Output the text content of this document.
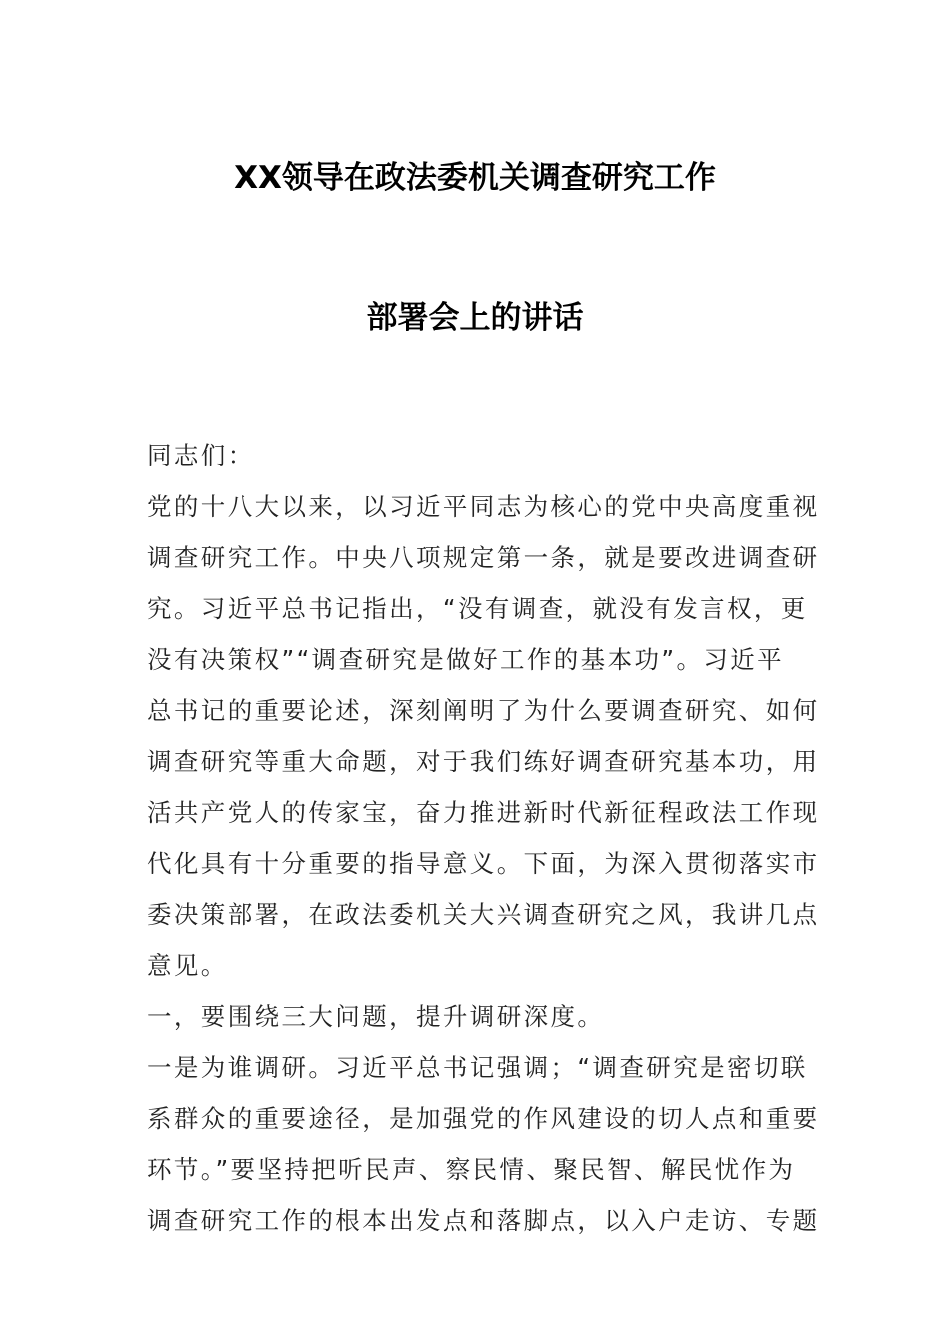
XX领导在政法委机关调查研究工作
部署会上的讲话

同志们：

党的十八大以来，以习近平同志为核心的党中央高度重视

调查研究工作。中央八项规定第一条，就是要改进调查研

究。习近平总书记指出，“没有调查，就没有发言权，更

没有决策权”“调查研究是做好工作的基本功”。习近平

总书记的重要论述，深刻阐明了为什么要调查研究、如何

调查研究等重大命题，对于我们练好调查研究基本功，用

活共产党人的传家宝，奋力推进新时代新征程政法工作现

代化具有十分重要的指导意义。下面，为深入贯彻落实市

委决策部署，在政法委机关大兴调查研究之风，我讲几点

意见。

一，要围绕三大问题，提升调研深度。

一是为谁调研。习近平总书记强调；“调查研究是密切联

系群众的重要途径，是加强党的作风建设的切人点和重要

环节。”要坚持把听民声、察民情、聚民智、解民忧作为

调查研究工作的根本出发点和落脚点，以入户走访、专题
